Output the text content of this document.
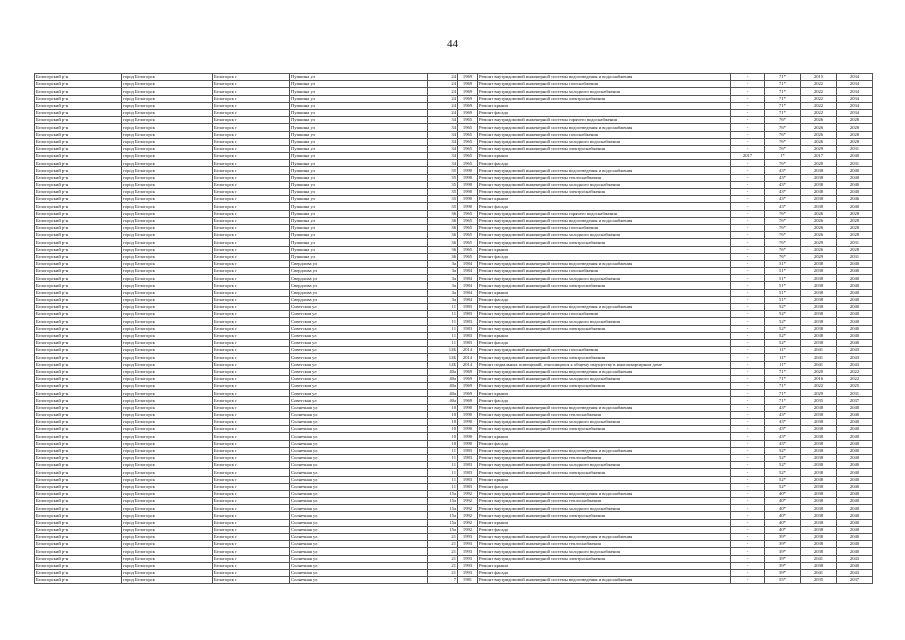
44
Белогорский р-н	город Белогорск	Белогорск г	Пушкина ул	24	1969	Ремонт внутридомовой инженерной системы водоотведения и водоснабжения	-	71*	2015	2034
Белогорский р-н	город Белогорск	Белогорск г	Пушкина ул	24	1969	Ремонт внутридомовой инженерной системы газоснабжения	-	71*	2022	2034
Белогорский р-н	город Белогорск	Белогорск г	Пушкина ул	24	1969	Ремонт внутридомовой инженерной системы холодного водоснабжения	-	71*	2022	2034
Белогорский р-н	город Белогорск	Белогорск г	Пушкина ул	24	1969	Ремонт внутридомовой инженерной системы электроснабжения	-	71*	2022	2034
Белогорский р-н	город Белогорск	Белогорск г	Пушкина ул	24	1969	Ремонт крыши	-	71*	2022	2034
Белогорский р-н	город Белогорск	Белогорск г	Пушкина ул	24	1969	Ремонт фасада	-	71*	2022	2034
Белогорский р-н	город Белогорск	Белогорск г	Пушкина ул	34	1965	Ремонт внутридомовой инженерной системы горячего водоснабжения	-	76*	2026	2028
Белогорский р-н	город Белогорск	Белогорск г	Пушкина ул	34	1965	Ремонт внутридомовой инженерной системы водоотведения и водоснабжения	-	76*	2026	2028
Белогорский р-н	город Белогорск	Белогорск г	Пушкина ул	34	1965	Ремонт внутридомовой инженерной системы газоснабжения	-	76*	2026	2028
Белогорский р-н	город Белогорск	Белогорск г	Пушкина ул	34	1965	Ремонт внутридомовой инженерной системы холодного водоснабжения	-	76*	2026	2028
Белогорский р-н	город Белогорск	Белогорск г	Пушкина ул	34	1965	Ремонт внутридомовой инженерной системы электроснабжения	-	76*	2029	2031
Белогорский р-н	город Белогорск	Белогорск г	Пушкина ул	34	1965	Ремонт крыши	2017	1*	2017	2040
Белогорский р-н	город Белогорск	Белогорск г	Пушкина ул	34	1965	Ремонт фасада	-	76*	2020	2031
Белогорский р-н	город Белогорск	Белогорск г	Пушкина ул	35	1990	Ремонт внутридомовой инженерной системы водоотведения и водоснабжения	-	43*	2038	2040
Белогорский р-н	город Белогорск	Белогорск г	Пушкина ул	35	1990	Ремонт внутридомовой инженерной системы теплоснабжения	-	43*	2038	2040
Белогорский р-н	город Белогорск	Белогорск г	Пушкина ул	35	1990	Ремонт внутридомовой инженерной системы холодного водоснабжения	-	43*	2038	2040
Белогорский р-н	город Белогорск	Белогорск г	Пушкина ул	35	1990	Ремонт внутридомовой инженерной системы электроснабжения	-	43*	2038	2040
Белогорский р-н	город Белогорск	Белогорск г	Пушкина ул	35	1990	Ремонт крыши	-	43*	2038	2046
Белогорский р-н	город Белогорск	Белогорск г	Пушкина ул	35	1990	Ремонт фасада	-	43*	2038	2040
Белогорский р-н	город Белогорск	Белогорск г	Пушкина ул	36	1965	Ремонт внутридомовой инженерной системы горячего водоснабжения	-	76*	2026	2028
Белогорский р-н	город Белогорск	Белогорск г	Пушкина ул	36	1965	Ремонт внутридомовой инженерной системы водоотведения и водоснабжения	-	76*	2026	2028
Белогорский р-н	город Белогорск	Белогорск г	Пушкина ул	36	1965	Ремонт внутридомовой инженерной системы газоснабжения	-	76*	2026	2028
Белогорский р-н	город Белогорск	Белогорск г	Пушкина ул	36	1965	Ремонт внутридомовой инженерной системы холодного водоснабжения	-	76*	2026	2028
Белогорский р-н	город Белогорск	Белогорск г	Пушкина ул	36	1965	Ремонт внутридомовой инженерной системы электроснабжения	-	76*	2029	2031
Белогорский р-н	город Белогорск	Белогорск г	Пушкина ул	36	1965	Ремонт крыши	-	76*	2026	2028
Белогорский р-н	город Белогорск	Белогорск г	Пушкина ул	36	1965	Ремонт фасада	-	76*	2029	2031
Белогорский р-н	город Белогорск	Белогорск г	Свердлова ул	3а	1984	Ремонт внутридомовой инженерной системы водоотведения и водоснабжения	-	51*	2038	2040
Белогорский р-н	город Белогорск	Белогорск г	Свердлова ул	3а	1984	Ремонт внутридомовой инженерной системы газоснабжения	-	51*	2038	2040
Белогорский р-н	город Белогорск	Белогорск г	Свердлова ул	3а	1984	Ремонт внутридомовой инженерной системы холодного водоснабжения	-	51*	2038	2040
Белогорский р-н	город Белогорск	Белогорск г	Свердлова ул	3а	1984	Ремонт внутридомовой инженерной системы электроснабжения	-	51*	2038	2040
Белогорский р-н	город Белогорск	Белогорск г	Свердлова ул	3а	1984	Ремонт крыши	-	51*	2038	2040
Белогорский р-н	город Белогорск	Белогорск г	Свердлова ул	3а	1984	Ремонт фасада	-	51*	2038	2040
Белогорский р-н	город Белогорск	Белогорск г	Советская ул	11	1983	Ремонт внутридомовой инженерной системы водоотведения и водоснабжения	-	52*	2038	2040
Белогорский р-н	город Белогорск	Белогорск г	Советская ул	11	1983	Ремонт внутридомовой инженерной системы газоснабжения	-	52*	2038	2040
Белогорский р-н	город Белогорск	Белогорск г	Советская ул	11	1983	Ремонт внутридомовой инженерной системы холодного водоснабжения	-	52*	2038	2040
Белогорский р-н	город Белогорск	Белогорск г	Советская ул	11	1983	Ремонт внутридомовой инженерной системы электроснабжения	-	52*	2038	2040
Белогорский р-н	город Белогорск	Белогорск г	Советская ул	11	1983	Ремонт крыши	-	52*	2038	2040
Белогорский р-н	город Белогорск	Белогорск г	Советская ул	11	1983	Ремонт фасада	-	52*	2038	2040
Белогорский р-н	город Белогорск	Белогорск г	Советская ул	12Б	2014	Ремонт внутридомовой инженерной системы газоснабжения	-	11*	2041	2043
Белогорский р-н	город Белогорск	Белогорск г	Советская ул	12Б	2014	Ремонт внутридомовой инженерной системы электроснабжения	-	11*	2041	2043
Белогорский р-н	город Белогорск	Белогорск г	Советская ул	12Б	2014	Ремонт подвальных помещений, относящихся к общему имуществу в многоквартирном доме	-	11*	2041	2043
Белогорский р-н	город Белогорск	Белогорск г	Советская ул	40а	1969	Ремонт внутридомовой инженерной системы водоотведения и водоснабжения	-	71*	2020	2022
Белогорский р-н	город Белогорск	Белогорск г	Советская ул	40а	1969	Ремонт внутридомовой инженерной системы холодного водоснабжения	-	71*	2016	2022
Белогорский р-н	город Белогорск	Белогорск г	Советская ул	40а	1969	Ремонт внутридомовой инженерной системы электроснабжения	-	71*	2022	2025
Белогорский р-н	город Белогорск	Белогорск г	Советская ул	40а	1969	Ремонт крыши	-	71*	2029	2031
Белогорский р-н	город Белогорск	Белогорск г	Советская ул	40а	1969	Ремонт фасада	-	71*	2035	2037
Белогорский р-н	город Белогорск	Белогорск г	Солнечная ул	10	1990	Ремонт внутридомовой инженерной системы водоотведения и водоснабжения	-	43*	2038	2040
Белогорский р-н	город Белогорск	Белогорск г	Солнечная ул	10	1990	Ремонт внутридомовой инженерной системы теплоснабжения	-	43*	2038	2040
Белогорский р-н	город Белогорск	Белогорск г	Солнечная ул	10	1990	Ремонт внутридомовой инженерной системы холодного водоснабжения	-	43*	2038	2040
Белогорский р-н	город Белогорск	Белогорск г	Солнечная ул	10	1990	Ремонт внутридомовой инженерной системы электроснабжения	-	43*	2038	2040
Белогорский р-н	город Белогорск	Белогорск г	Солнечная ул	10	1990	Ремонт крыши	-	43*	2038	2040
Белогорский р-н	город Белогорск	Белогорск г	Солнечная ул	10	1990	Ремонт фасада	-	43*	2038	2040
Белогорский р-н	город Белогорск	Белогорск г	Солнечная ул	11	1983	Ремонт внутридомовой инженерной системы водоотведения и водоснабжения	-	52*	2038	2040
Белогорский р-н	город Белогорск	Белогорск г	Солнечная ул	11	1983	Ремонт внутридомовой инженерной системы теплоснабжения	-	52*	2038	2040
Белогорский р-н	город Белогорск	Белогорск г	Солнечная ул	11	1983	Ремонт внутридомовой инженерной системы холодного водоснабжения	-	52*	2038	2040
Белогорский р-н	город Белогорск	Белогорск г	Солнечная ул	11	1983	Ремонт внутридомовой инженерной системы электроснабжения	-	52*	2038	2040
Белогорский р-н	город Белогорск	Белогорск г	Солнечная ул	11	1983	Ремонт крыши	-	52*	2038	2040
Белогорский р-н	город Белогорск	Белогорск г	Солнечная ул	11	1983	Ремонт фасада	-	52*	2038	2040
Белогорский р-н	город Белогорск	Белогорск г	Солнечная ул	15а	1992	Ремонт внутридомовой инженерной системы водоотведения и водоснабжения	-	40*	2038	2040
Белогорский р-н	город Белогорск	Белогорск г	Солнечная ул	15а	1992	Ремонт внутридомовой инженерной системы теплоснабжения	-	40*	2038	2040
Белогорский р-н	город Белогорск	Белогорск г	Солнечная ул	15а	1992	Ремонт внутридомовой инженерной системы холодного водоснабжения	-	40*	2038	2040
Белогорский р-н	город Белогорск	Белогорск г	Солнечная ул	15а	1992	Ремонт внутридомовой инженерной системы электроснабжения	-	40*	2038	2040
Белогорский р-н	город Белогорск	Белогорск г	Солнечная ул	15а	1992	Ремонт крыши	-	40*	2038	2040
Белогорский р-н	город Белогорск	Белогорск г	Солнечная ул	15а	1992	Ремонт фасада	-	40*	2038	2040
Белогорский р-н	город Белогорск	Белогорск г	Солнечная ул	21	1993	Ремонт внутридомовой инженерной системы водоотведения и водоснабжения	-	39*	2038	2040
Белогорский р-н	город Белогорск	Белогорск г	Солнечная ул	21	1993	Ремонт внутридомовой инженерной системы теплоснабжения	-	39*	2038	2040
Белогорский р-н	город Белогорск	Белогорск г	Солнечная ул	21	1993	Ремонт внутридомовой инженерной системы холодного водоснабжения	-	39*	2038	2040
Белогорский р-н	город Белогорск	Белогорск г	Солнечная ул	21	1993	Ремонт внутридомовой инженерной системы электроснабжения	-	39*	2041	2043
Белогорский р-н	город Белогорск	Белогорск г	Солнечная ул	21	1993	Ремонт крыши	-	39*	2038	2040
Белогорский р-н	город Белогорск	Белогорск г	Солнечная ул	21	1993	Ремонт фасада	-	39*	2041	2043
Белогорский р-н	город Белогорск	Белогорск г	Солнечная ул	7	1981	Ремонт внутридомовой инженерной системы водоотведения и водоснабжения	-	55*	2035	2037
